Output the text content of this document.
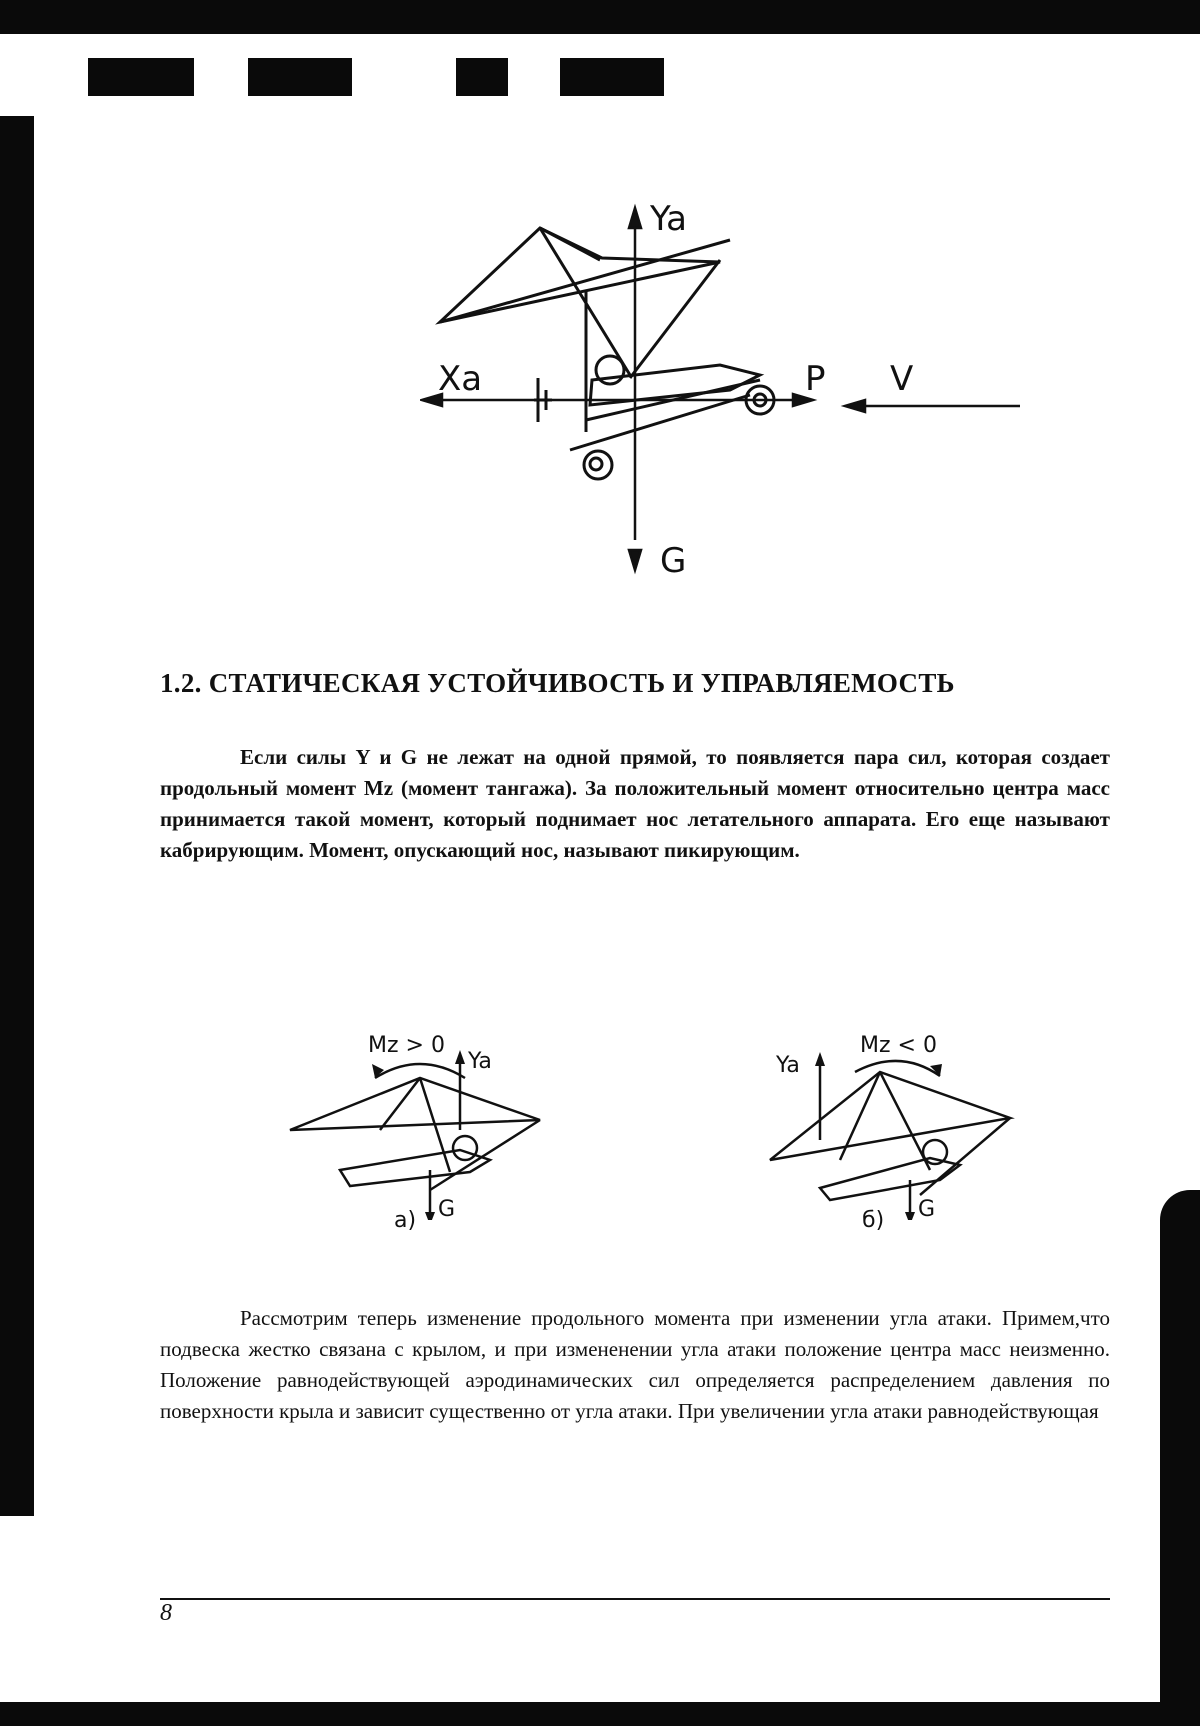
Ya
Xa	P V
G
1.2. СТАТИЧЕСКАЯ УСТОЙЧИВОСТЬ И УПРАВЛЯЕМОСТЬ

Если силы Y и G не лежат на одной прямой, то появляется пара сил, которая создает продольный момент Mz (момент тангажа). За положительный момент относительно центра масс принимается такой момент, который поднимает нос летательного аппарата. Его еще называют кабрирующим. Момент, опускающий нос, называют пикирующим.

Mz > 0
Ya
G
а)
Mz < 0
Ya
G
б)

Рассмотрим теперь изменение продольного момента при изменении угла атаки. Примем,что подвеска жестко связана с крылом, и при измененении угла атаки положение центра масс неизменно. Положение равнодействующей аэродинамических сил определяется распределением давления по поверхности крыла и зависит существенно от угла атаки. При увеличении угла атаки равнодействующая

8
